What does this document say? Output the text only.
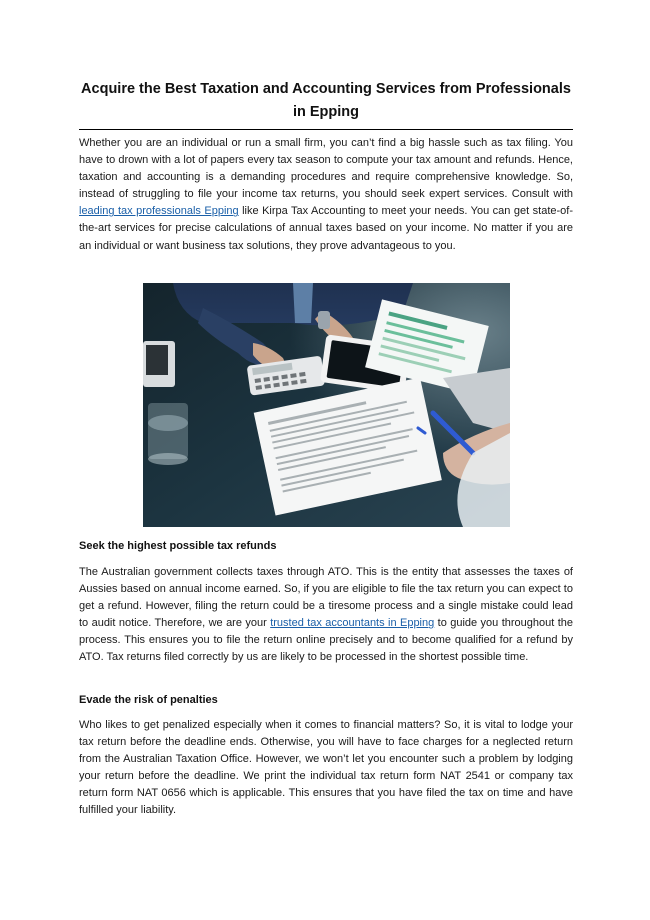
Acquire the Best Taxation and Accounting Services from Professionals in Epping

Whether you are an individual or run a small firm, you can’t find a big hassle such as tax filing. You have to drown with a lot of papers every tax season to compute your tax amount and refunds. Hence, taxation and accounting is a demanding procedures and require comprehensive knowledge. So, instead of struggling to file your income tax returns, you should seek expert services. Consult with leading tax professionals Epping like Kirpa Tax Accounting to meet your needs. You can get state-of-the-art services for precise calculations of annual taxes based on your income. No matter if you are an individual or want business tax solutions, they prove advantageous to you.

Seek the highest possible tax refunds

The Australian government collects taxes through ATO. This is the entity that assesses the taxes of Aussies based on annual income earned. So, if you are eligible to file the tax return you can expect to get a refund. However, filing the return could be a tiresome process and a single mistake could lead to audit notice. Therefore, we are your trusted tax accountants in Epping to guide you throughout the process. This ensures you to file the return online precisely and to become qualified for a refund by ATO. Tax returns filed correctly by us are likely to be processed in the shortest possible time.

Evade the risk of penalties

Who likes to get penalized especially when it comes to financial matters? So, it is vital to lodge your tax return before the deadline ends. Otherwise, you will have to face charges for a neglected return from the Australian Taxation Office. However, we won’t let you encounter such a problem by lodging your return before the deadline. We print the individual tax return form NAT 2541 or company tax return form NAT 0656 which is applicable. This ensures that you have filed the tax on time and have fulfilled your liability.
